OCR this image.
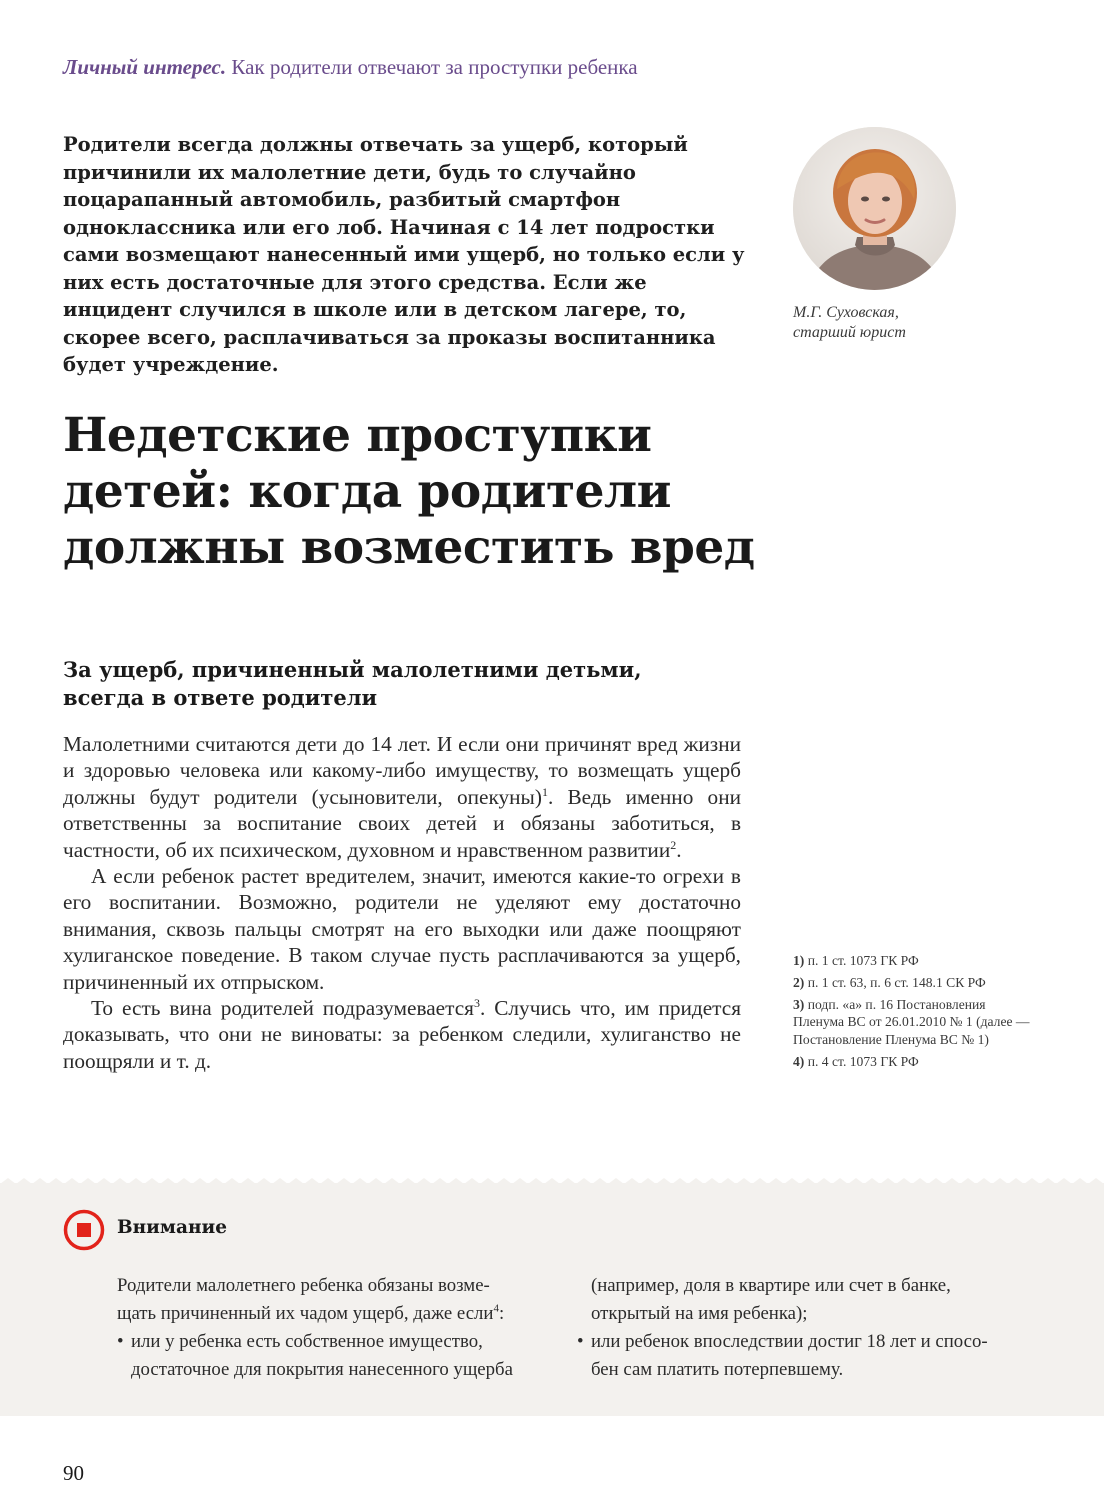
Личный интерес. Как родители отвечают за проступки ребенка

Родители всегда должны отвечать за ущерб, который причинили их малолетние дети, будь то случайно поцарапанный автомобиль, разбитый смартфон одноклассника или его лоб. Начиная с 14 лет подростки сами возмещают нанесенный ими ущерб, но только если у них есть достаточные для этого средства. Если же инцидент случился в школе или в детском лагере, то, скорее всего, расплачиваться за проказы воспитанника будет учреждение.

М.Г. Суховская,
старший юрист
Недетские проступки
детей: когда родители
должны возместить вред
За ущерб, причиненный малолетними детьми,
всегда в ответе родители

Малолетними считаются дети до 14 лет. И если они причинят вред жизни и здоровью человека или какому-либо имуществу, то возмещать ущерб должны будут родители (усыновители, опекуны)$^1$. Ведь именно они ответственны за воспитание своих детей и обязаны заботиться, в частности, об их психическом, духовном и нравственном развитии$^2$.

А если ребенок растет вредителем, значит, имеются какие-то огрехи в его воспитании. Возможно, родители не уделяют ему достаточно внимания, сквозь пальцы смотрят на его выходки или даже поощряют хулиганское поведение. В таком случае пусть расплачиваются за ущерб, причиненный их отпрыском.

То есть вина родителей подразумевается$^3$. Случись что, им придется доказывать, что они не виноваты: за ребенком следили, хулиганство не поощряли и т. д.

1) п. 1 ст. 1073 ГК РФ
2) п. 1 ст. 63, п. 6 ст. 148.1 СК РФ
3) подп. «а» п. 16 Постановления Пленума ВС от 26.01.2010 № 1 (далее — Постановление Пленума ВС № 1)
4) п. 4 ст. 1073 ГК РФ
Внимание
Родители малолетнего ребенка обязаны возме-
щать причиненный их чадом ущерб, даже если$^4$:
• или у ребенка есть собственное имущество,
достаточное для покрытия нанесенного ущерба
(например, доля в квартире или счет в банке,
открытый на имя ребенка);
• или ребенок впоследствии достиг 18 лет и спосо-
бен сам платить потерпевшему.
90
